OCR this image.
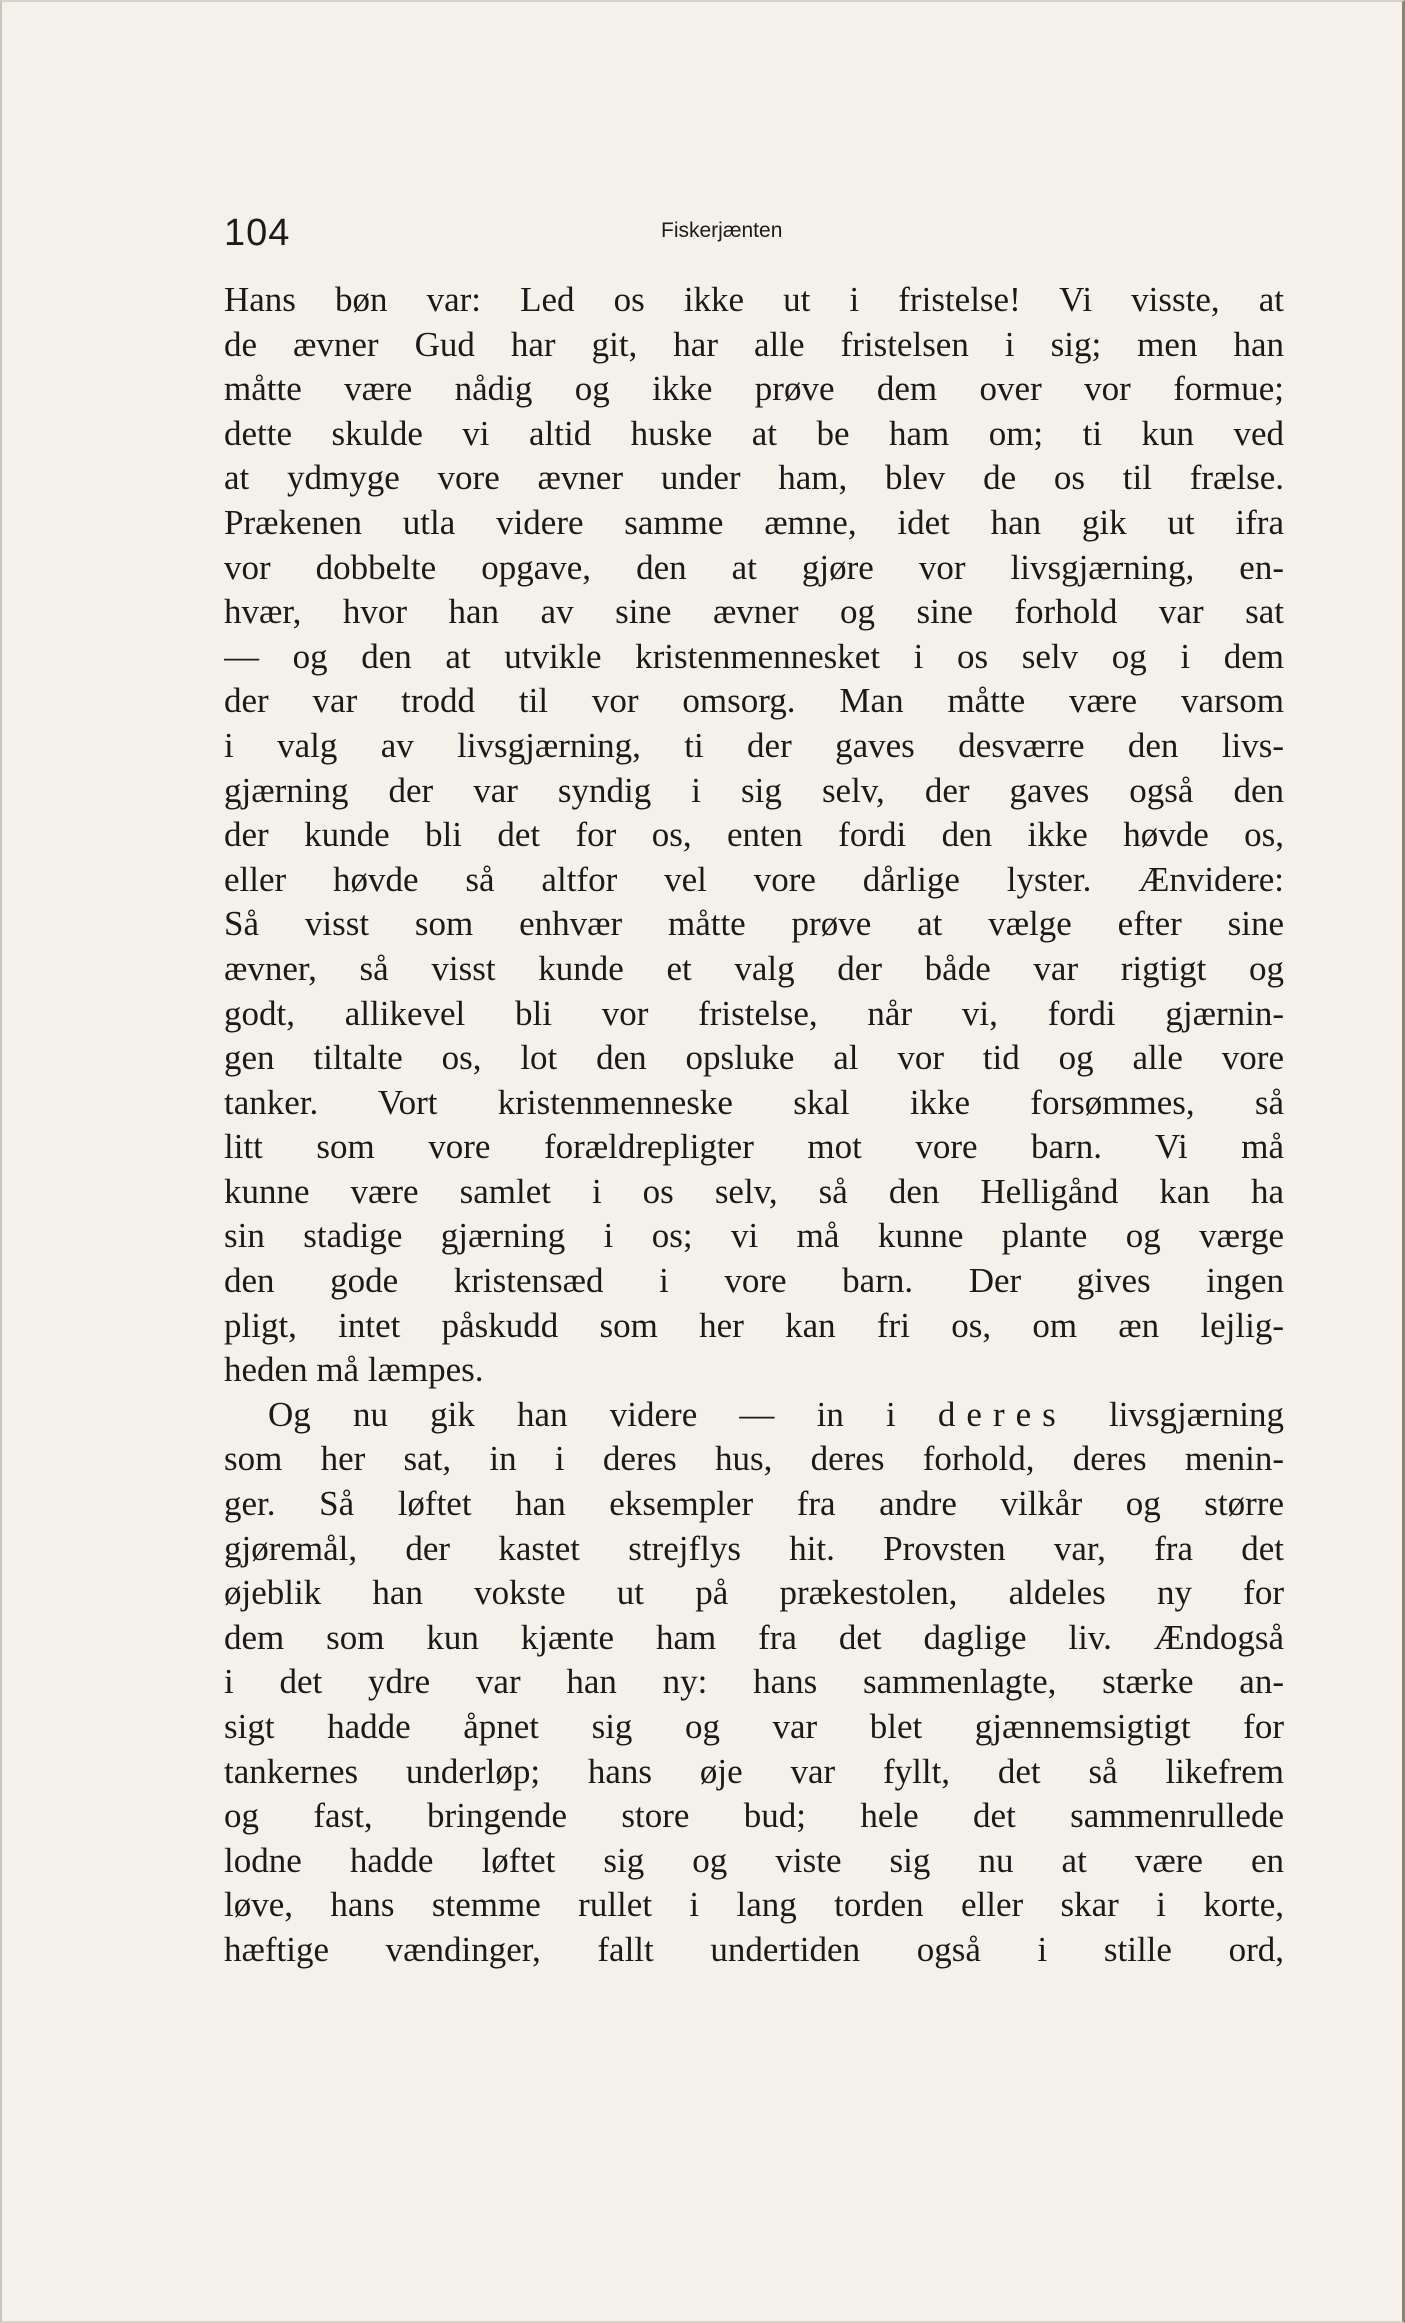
104	Fiskerjænten
Hans bøn var: Led os ikke ut i fristelse! Vi visste, at
de ævner Gud har git, har alle fristelsen i sig; men han
måtte være nådig og ikke prøve dem over vor formue;
dette skulde vi altid huske at be ham om; ti kun ved
at ydmyge vore ævner under ham, blev de os til frælse.
Prækenen utla videre samme æmne, idet han gik ut ifra
vor dobbelte opgave, den at gjøre vor livsgjærning, en-
hvær, hvor han av sine ævner og sine forhold var sat
— og den at utvikle kristenmennesket i os selv og i dem
der var trodd til vor omsorg. Man måtte være varsom
i valg av livsgjærning, ti der gaves desværre den livs-
gjærning der var syndig i sig selv, der gaves også den
der kunde bli det for os, enten fordi den ikke høvde os,
eller høvde så altfor vel vore dårlige lyster. Ænvidere:
Så visst som enhvær måtte prøve at vælge efter sine
ævner, så visst kunde et valg der både var rigtigt og
godt, allikevel bli vor fristelse, når vi, fordi gjærnin-
gen tiltalte os, lot den opsluke al vor tid og alle vore
tanker. Vort kristenmenneske skal ikke forsømmes, så
litt som vore forældrepligter mot vore barn. Vi må
kunne være samlet i os selv, så den Helligånd kan ha
sin stadige gjærning i os; vi må kunne plante og værge
den gode kristensæd i vore barn. Der gives ingen
pligt, intet påskudd som her kan fri os, om æn lejlig-
heden må læmpes.
Og nu gik han videre — in i deres livsgjærning
som her sat, in i deres hus, deres forhold, deres menin-
ger. Så løftet han eksempler fra andre vilkår og større
gjøremål, der kastet strejflys hit. Provsten var, fra det
øjeblik han vokste ut på prækestolen, aldeles ny for
dem som kun kjænte ham fra det daglige liv. Ændogså
i det ydre var han ny: hans sammenlagte, stærke an-
sigt hadde åpnet sig og var blet gjænnemsigtigt for
tankernes underløp; hans øje var fyllt, det så likefrem
og fast, bringende store bud; hele det sammenrullede
lodne hadde løftet sig og viste sig nu at være en
løve, hans stemme rullet i lang torden eller skar i korte,
hæftige vændinger, fallt undertiden også i stille ord,
